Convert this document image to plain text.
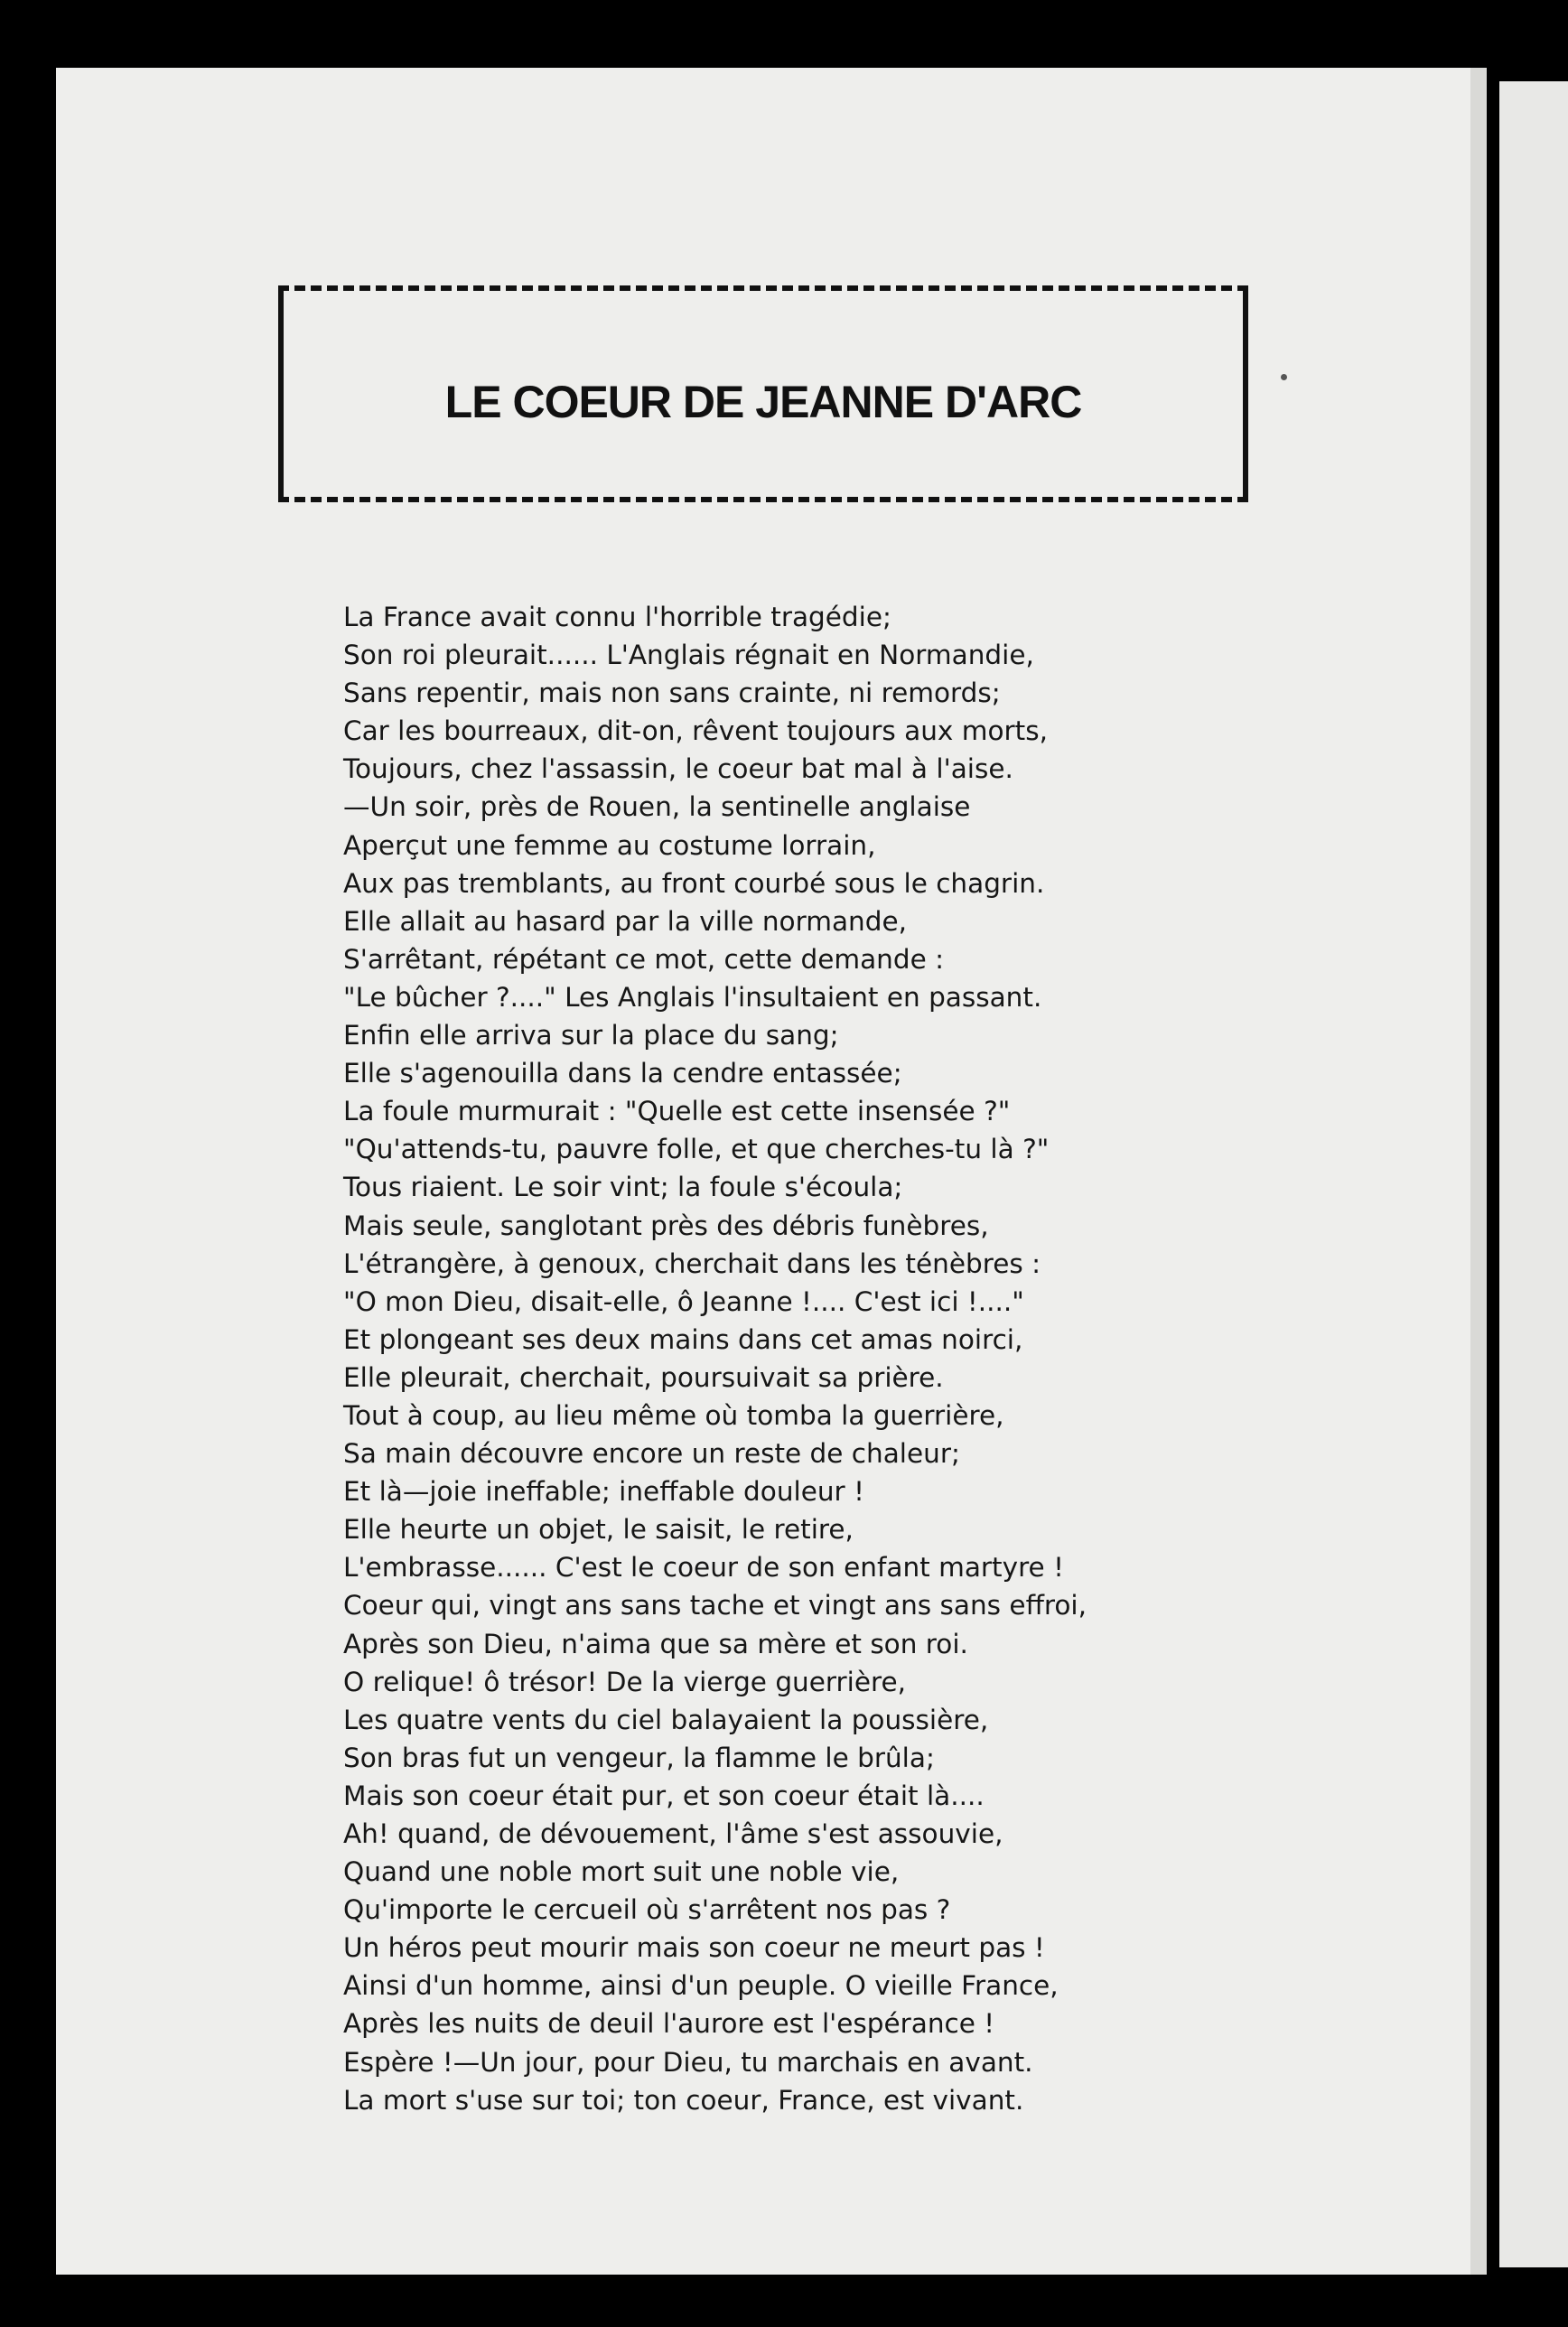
LE COEUR DE JEANNE D'ARC
La France avait connu l'horrible tragédie;
Son roi pleurait...... L'Anglais régnait en Normandie,
Sans repentir, mais non sans crainte, ni remords;
Car les bourreaux, dit-on, rêvent toujours aux morts,
Toujours, chez l'assassin, le coeur bat mal à l'aise.
—Un soir, près de Rouen, la sentinelle anglaise
Aperçut une femme au costume lorrain,
Aux pas tremblants, au front courbé sous le chagrin.
Elle allait au hasard par la ville normande,
S'arrêtant, répétant ce mot, cette demande :
"Le bûcher ?...." Les Anglais l'insultaient en passant.
Enfin elle arriva sur la place du sang;
Elle s'agenouilla dans la cendre entassée;
La foule murmurait : "Quelle est cette insensée ?"
"Qu'attends-tu, pauvre folle, et que cherches-tu là ?"
Tous riaient. Le soir vint; la foule s'écoula;
Mais seule, sanglotant près des débris funèbres,
L'étrangère, à genoux, cherchait dans les ténèbres :
"O mon Dieu, disait-elle, ô Jeanne !.... C'est ici !...."
Et plongeant ses deux mains dans cet amas noirci,
Elle pleurait, cherchait, poursuivait sa prière.
Tout à coup, au lieu même où tomba la guerrière,
Sa main découvre encore un reste de chaleur;
Et là—joie ineffable; ineffable douleur !
Elle heurte un objet, le saisit, le retire,
L'embrasse...... C'est le coeur de son enfant martyre !
Coeur qui, vingt ans sans tache et vingt ans sans effroi,
Après son Dieu, n'aima que sa mère et son roi.
O relique! ô trésor! De la vierge guerrière,
Les quatre vents du ciel balayaient la poussière,
Son bras fut un vengeur, la flamme le brûla;
Mais son coeur était pur, et son coeur était là....
Ah! quand, de dévouement, l'âme s'est assouvie,
Quand une noble mort suit une noble vie,
Qu'importe le cercueil où s'arrêtent nos pas ?
Un héros peut mourir mais son coeur ne meurt pas !
Ainsi d'un homme, ainsi d'un peuple. O vieille France,
Après les nuits de deuil l'aurore est l'espérance !
Espère !—Un jour, pour Dieu, tu marchais en avant.
La mort s'use sur toi; ton coeur, France, est vivant.
